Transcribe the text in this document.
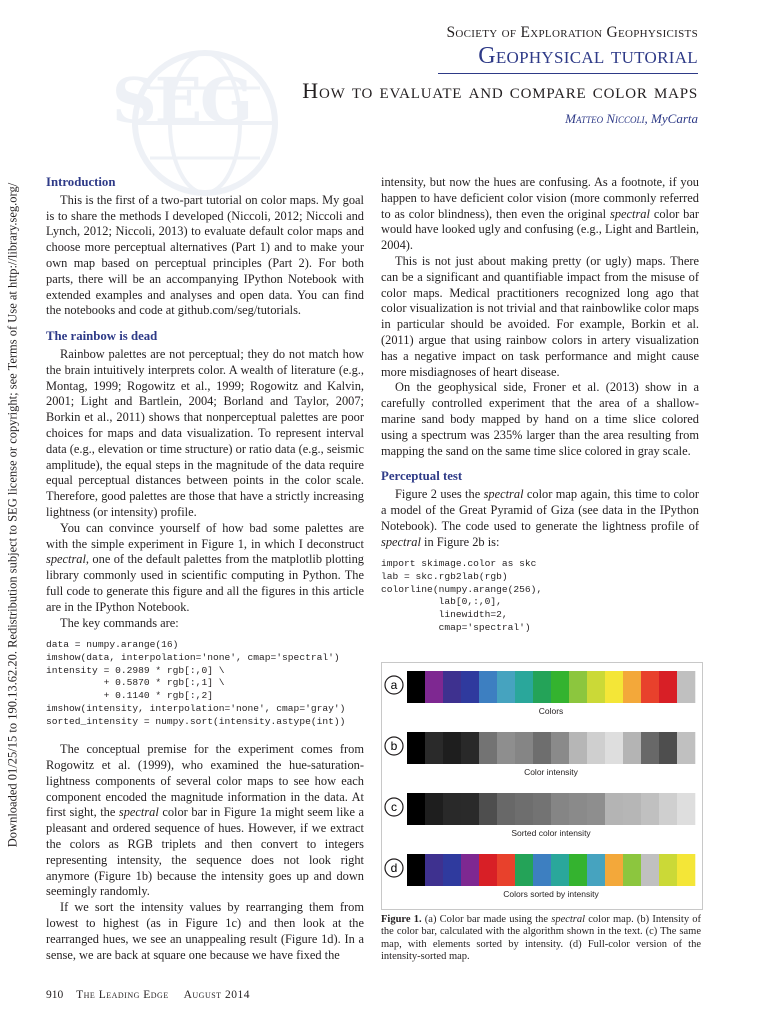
SEG
Society of Exploration Geophysicists
Geophysical tutorial
How to evaluate and compare color maps
Matteo Niccoli, MyCarta
Downloaded 01/25/15 to 190.13.62.20. Redistribution subject to SEG license or copyright; see Terms of Use at http://library.seg.org/
Introduction

This is the first of a two-part tutorial on color maps. My goal is to share the methods I developed (Niccoli, 2012; Niccoli and Lynch, 2012; Niccoli, 2013) to evaluate default color maps and choose more perceptual alternatives (Part 1) and to make your own map based on perceptual principles (Part 2). For both parts, there will be an accompanying IPython Notebook with extended examples and analyses and open data. You can find the notebooks and code at github.com/seg/tutorials.

The rainbow is dead

Rainbow palettes are not perceptual; they do not match how the brain intuitively interprets color. A wealth of literature (e.g., Montag, 1999; Rogowitz et al., 1999; Rogowitz and Kalvin, 2001; Light and Bartlein, 2004; Borland and Taylor, 2007; Borkin et al., 2011) shows that nonperceptual palettes are poor choices for maps and data visualization. To represent interval data (e.g., elevation or time structure) or ratio data (e.g., seismic amplitude), the equal steps in the magnitude of the data require equal perceptual distances between points in the color scale. Therefore, good palettes are those that have a strictly increasing lightness (or intensity) profile.

You can convince yourself of how bad some palettes are with the simple experiment in Figure 1, in which I deconstruct spectral, one of the default palettes from the matplotlib plotting library commonly used in scientific computing in Python. The full code to generate this figure and all the figures in this article are in the IPython Notebook.

The key commands are:

data = numpy.arange(16)
imshow(data, interpolation='none', cmap='spectral')
intensity = 0.2989 * rgb[:,0] \
+ 0.5870 * rgb[:,1] \
+ 0.1140 * rgb[:,2]
imshow(intensity, interpolation='none', cmap='gray')
sorted_intensity = numpy.sort(intensity.astype(int))

The conceptual premise for the experiment comes from Rogowitz et al. (1999), who examined the hue-saturation-lightness components of several color maps to see how each component encoded the magnitude information in the data. At first sight, the spectral color bar in Figure 1a might seem like a pleasant and ordered sequence of hues. However, if we extract the colors as RGB triplets and then convert to integers representing intensity, the sequence does not look right anymore (Figure 1b) because the intensity goes up and down seemingly randomly.

If we sort the intensity values by rearranging them from lowest to highest (as in Figure 1c) and then look at the rearranged hues, we see an unappealing result (Figure 1d). In a sense, we are back at square one because we have fixed the

intensity, but now the hues are confusing. As a footnote, if you happen to have deficient color vision (more commonly referred to as color blindness), then even the original spectral color bar would have looked ugly and confusing (e.g., Light and Bartlein, 2004).

This is not just about making pretty (or ugly) maps. There can be a significant and quantifiable impact from the misuse of color maps. Medical practitioners recognized long ago that color visualization is not trivial and that rainbowlike color maps in particular should be avoided. For example, Borkin et al. (2011) argue that using rainbow colors in artery visualization has a negative impact on task performance and might cause more misdiagnoses of heart disease.

On the geophysical side, Froner et al. (2013) show in a carefully controlled experiment that the area of a shallow-marine sand body mapped by hand on a time slice colored using a spectrum was 235% larger than the area resulting from mapping the sand on the same time slice colored in gray scale.

Perceptual test

Figure 2 uses the spectral color map again, this time to color a model of the Great Pyramid of Giza (see data in the IPython Notebook). The code used to generate the lightness profile of spectral in Figure 2b is:

import skimage.color as skc
lab = skc.rgb2lab(rgb)
colorline(numpy.arange(256),
lab[0,:,0],
linewidth=2,
cmap='spectral')
a
Colors
b
Color intensity
c
Sorted color intensity
d
Colors sorted by intensity
Figure 1. (a) Color bar made using the spectral color map. (b) Intensity of the color bar, calculated with the algorithm shown in the text. (c) The same map, with elements sorted by intensity. (d) Full-color version of the intensity-sorted map.
910 The Leading Edge August 2014
